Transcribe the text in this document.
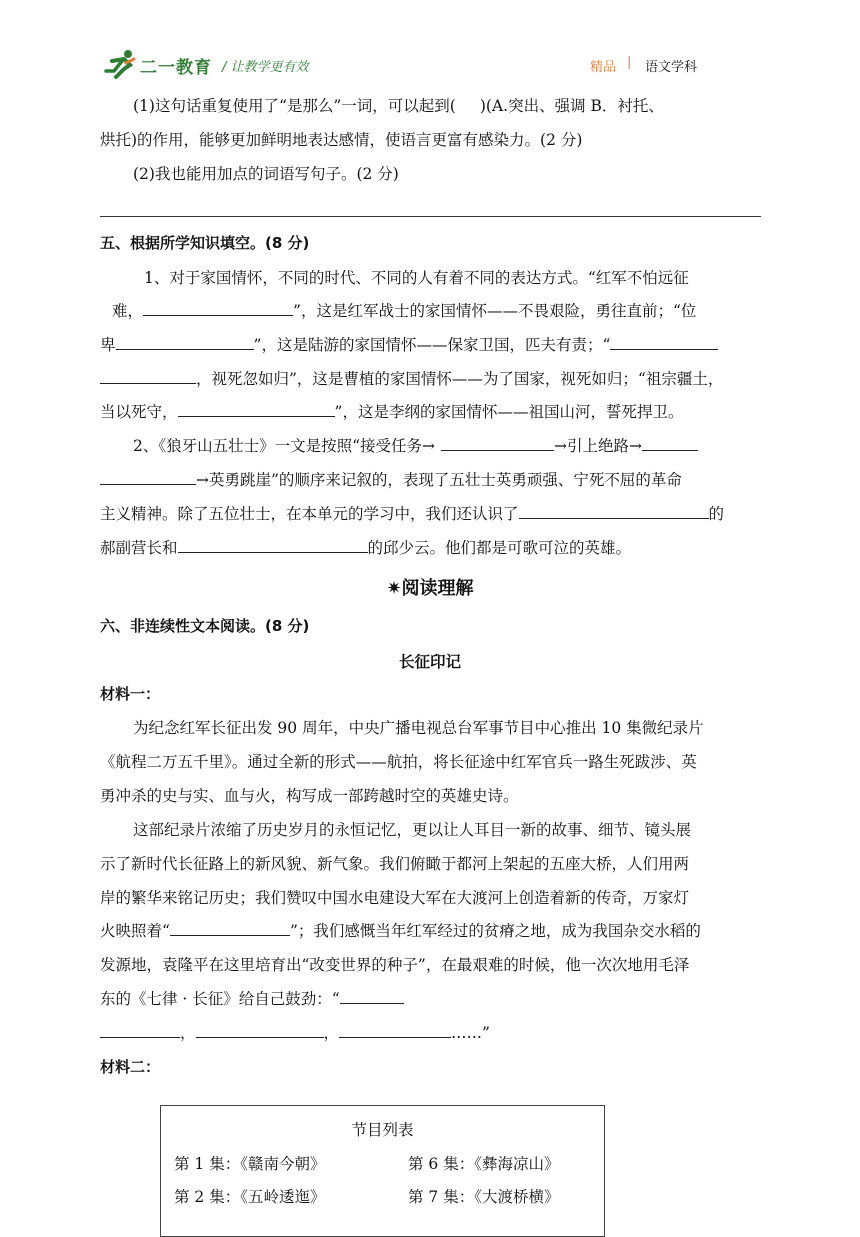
二一教育 / 让教学更有效	精品 | 语文学科
(1)这句话重复使用了“是那么”一词，可以起到( )(A.突出、强调 B．衬托、
烘托)的作用，能够更加鲜明地表达感情，使语言更富有感染力。(2 分)
(2)我也能用加点的词语写句子。(2 分)
五、根据所学知识填空。(8 分)
1、对于家国情怀，不同的时代、不同的人有着不同的表达方式。“红军不怕远征
难，	”，这是红军战士的家国情怀——不畏艰险，勇往直前；“位
卑	”，这是陆游的家国情怀——保家卫国，匹夫有责；“
，视死忽如归”，这是曹植的家国情怀——为了国家，视死如归；“祖宗疆土，
当以死守，	”，这是李纲的家国情怀——祖国山河，誓死捍卫。
2、《狼牙山五壮士》一文是按照“接受任务→	→引上绝路→
→英勇跳崖”的顺序来记叙的，表现了五壮士英勇顽强、宁死不屈的革命
主义精神。除了五位壮士，在本单元的学习中，我们还认识了	的
郝副营长和	的邱少云。他们都是可歌可泣的英雄。
✷阅读理解
六、非连续性文本阅读。(8 分)
长征印记
材料一：
为纪念红军长征出发 90 周年，中央广播电视总台军事节目中心推出 10 集微纪录片
《航程二万五千里》。通过全新的形式——航拍，将长征途中红军官兵一路生死跋涉、英
勇冲杀的史与实、血与火，构写成一部跨越时空的英雄史诗。
这部纪录片浓缩了历史岁月的永恒记忆，更以让人耳目一新的故事、细节、镜头展
示了新时代长征路上的新风貌、新气象。我们俯瞰于都河上架起的五座大桥，人们用两
岸的繁华来铭记历史；我们赞叹中国水电建设大军在大渡河上创造着新的传奇，万家灯
火映照着“	”；我们感慨当年红军经过的贫瘠之地，成为我国杂交水稻的
发源地，袁隆平在这里培育出“改变世界的种子”，在最艰难的时候，他一次次地用毛泽
东的《七律 · 长征》给自己鼓劲：“
，	，	……”
材料二：
节目列表
第 1 集：《赣南今朝》	第 6 集：《彝海凉山》
第 2 集：《五岭逶迤》	第 7 集：《大渡桥横》
